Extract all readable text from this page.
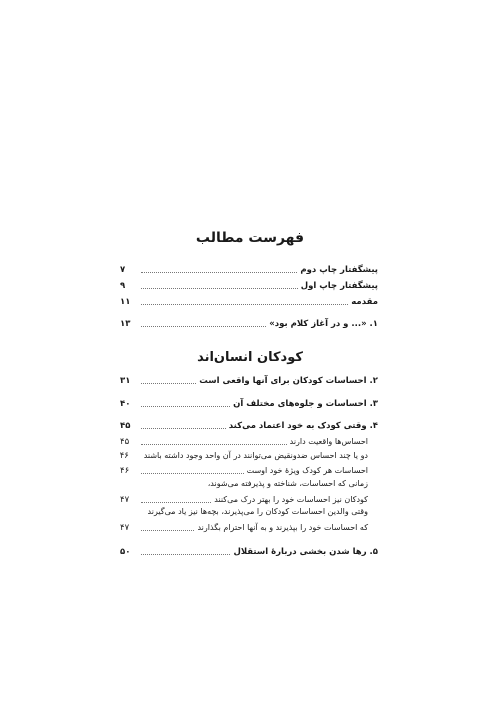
فهرست مطالب
پیشگفتار چاپ دوم
۷
پیشگفتار چاپ اول
۹
مقدمه
۱۱
۱. «... و در آغاز کلام بود»
۱۳
کودکان انسان‌اند
۲. احساسات کودکان برای آنها واقعی است
۳۱
۳. احساسات و جلوه‌های مختلف آن
۴۰
۴. وقتی کودک به خود اعتماد می‌کند
۴۵
احساس‌ها واقعیت دارند
۴۵
دو یا چند احساس ضدونقیض می‌توانند در آن واحد وجود داشته باشند
۴۶
احساسات هر کودک ویژهٔ خود اوست
۴۶
زمانی که احساسات، شناخته و پذیرفته می‌شوند،
کودکان نیز احساسات خود را بهتر درک می‌کنند
۴۷
وقتی والدین احساسات کودکان را می‌پذیرند، بچه‌ها نیز یاد می‌گیرند
که احساسات خود را بپذیرند و به آنها احترام بگذارند
۴۷
۵. رها شدن بخشی دربارهٔ استقلال
۵۰
